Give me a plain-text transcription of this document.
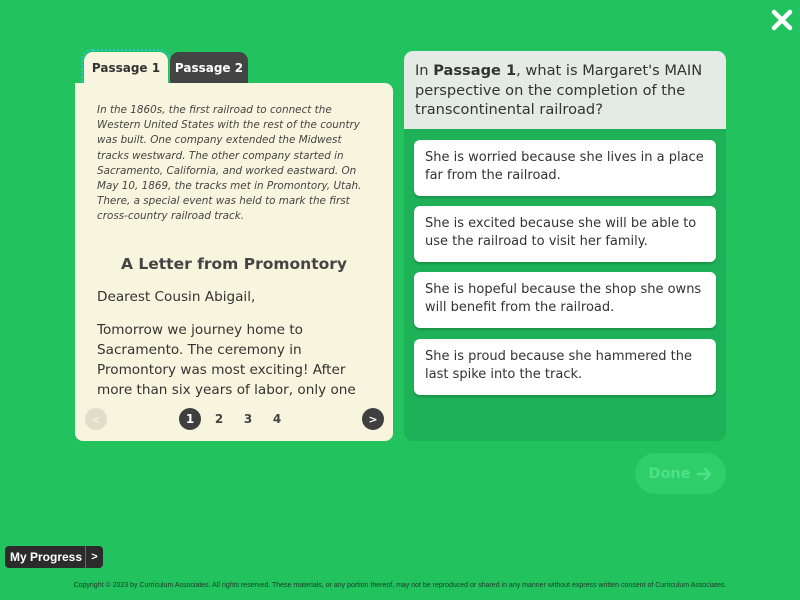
Passage 1	Passage 2

In the 1860s, the first railroad to connect the Western United States with the rest of the country was built. One company extended the Midwest tracks westward. The other company started in Sacramento, California, and worked eastward. On May 10, 1869, the tracks met in Promontory, Utah. There, a special event was held to mark the first cross-country railroad track.

A Letter from Promontory

Dearest Cousin Abigail,

Tomorrow we journey home to Sacramento. The ceremony in Promontory was most exciting! After more than six years of labor, only one

<	1	2	3	4	>
In Passage 1, what is Margaret's MAIN perspective on the completion of the transcontinental railroad?
She is worried because she lives in a place far from the railroad.
She is excited because she will be able to use the railroad to visit her family.
She is hopeful because the shop she owns will benefit from the railroad.
She is proud because she hammered the last spike into the track.
Done
My Progress >
Copyright © 2023 by Curriculum Associates. All rights reserved. These materials, or any portion thereof, may not be reproduced or shared in any manner without express written consent of Curriculum Associates.
